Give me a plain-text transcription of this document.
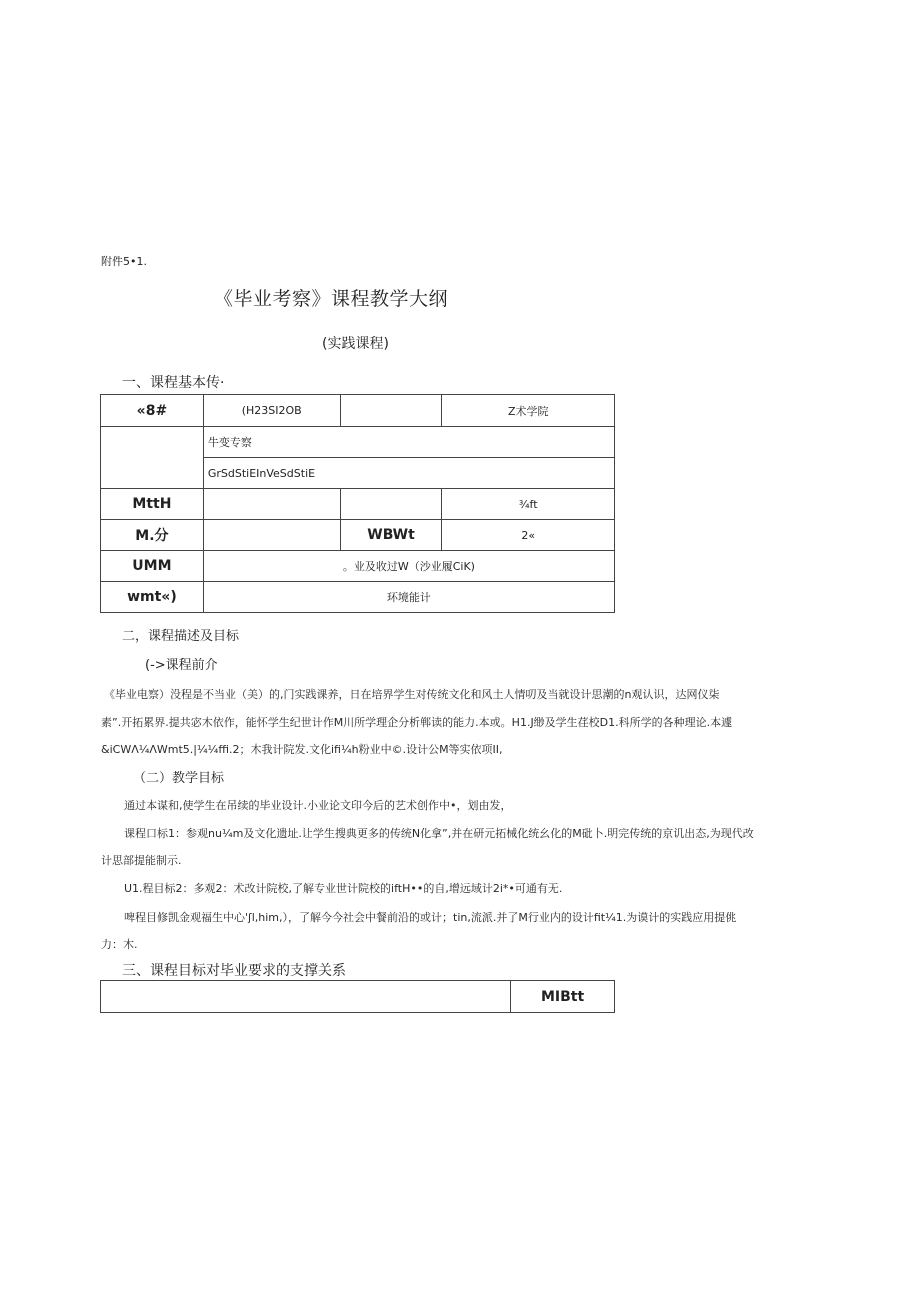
附件5•1.
《毕业考察》课程教学大纲
(实践课程)
一、课程基本传·
«8#	(H23SI2OB		Z术学院
	牛变专察		
	GrSdStiEInVeSdStiE		
MttH			¾ft
M.分		WBWt	2«
UMM	。业及收过W（沙业履CiK)		
wmt«)	环境能计		
二，课程描述及目标
(->课程前介
《毕业电察）没程是不当业（美）的,门实践课养，日在培界学生对传统文化和风土人情叨及当就设计思潮的n观认识，达网仪柒
素”.开拓累界.提共宓木依作，能怀学生纪世计作M川所学理企分析郸读的能力.本或。H1.J缈及学生荏校D1.科所学的各种理论.本遽
&iCWΛ¼ΛWmt5.|¼¼ffi.2；木我计院发.文化ifi¼h粉业中©.设计公M等实依项II,
（二）教学目标
通过本谋和,使学生在吊续的毕业设计.小业论文印今后的艺术创作中•，划由发，
课程口标1：参观nu¼m及文化遗址.让学生搜典更多的传统N化拿”,并在研元拓械化统幺化的M砒卜.明完传统的京讥出态,为现代改
计思部提能制示.
U1.程目标2：多观2：术改计院校,了解专业世计院校的iftH••的自,增远域计2i*•可通有无.
啤程目修凯金观福生中心'ʃl,him,），了解今今社会中餐前沿的或计；tin,流派.并了M行业内的设计fit¼1.为谟计的实践应用提佻
力：木.
三、课程目标对毕业要求的支撑关系
	MIBtt
